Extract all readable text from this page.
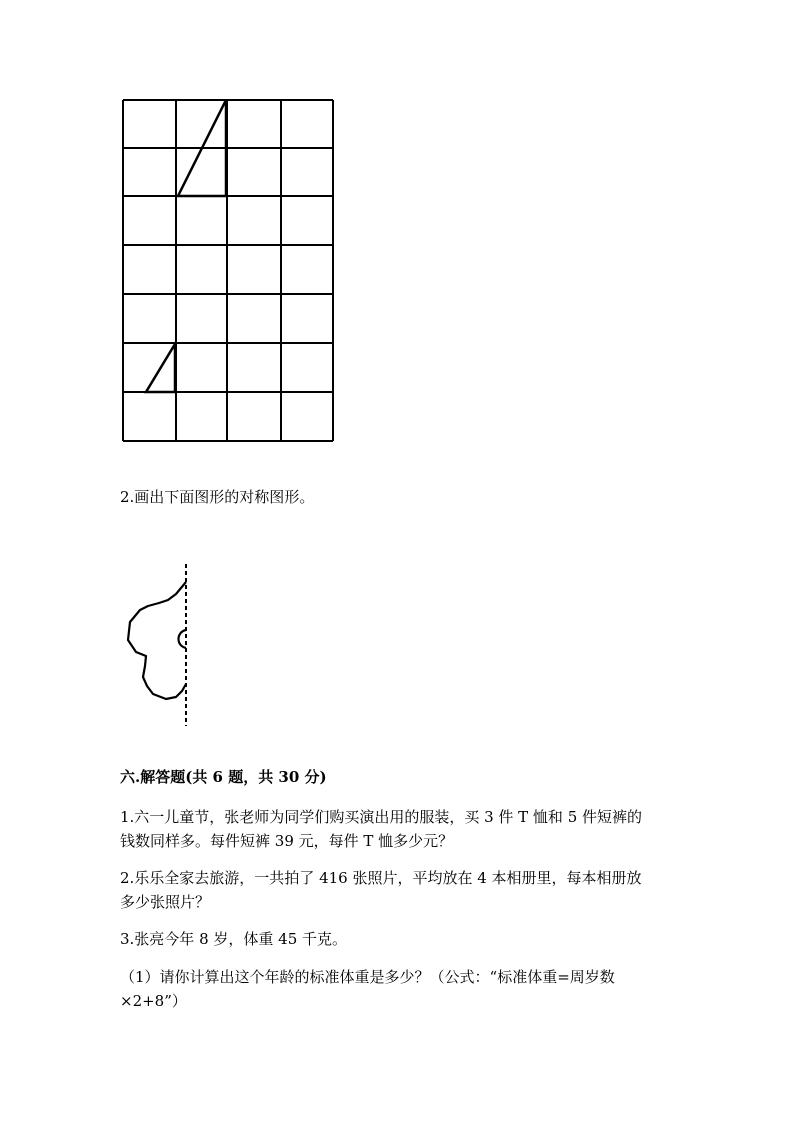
2.画出下面图形的对称图形。
六.解答题(共 6 题，共 30 分)
1.六一儿童节，张老师为同学们购买演出用的服装，买 3 件 T 恤和 5 件短裤的
钱数同样多。每件短裤 39 元，每件 T 恤多少元？
2.乐乐全家去旅游，一共拍了 416 张照片，平均放在 4 本相册里，每本相册放
多少张照片？
3.张亮今年 8 岁，体重 45 千克。
（1）请你计算出这个年龄的标准体重是多少？（公式：“标准体重=周岁数
×2+8”）
